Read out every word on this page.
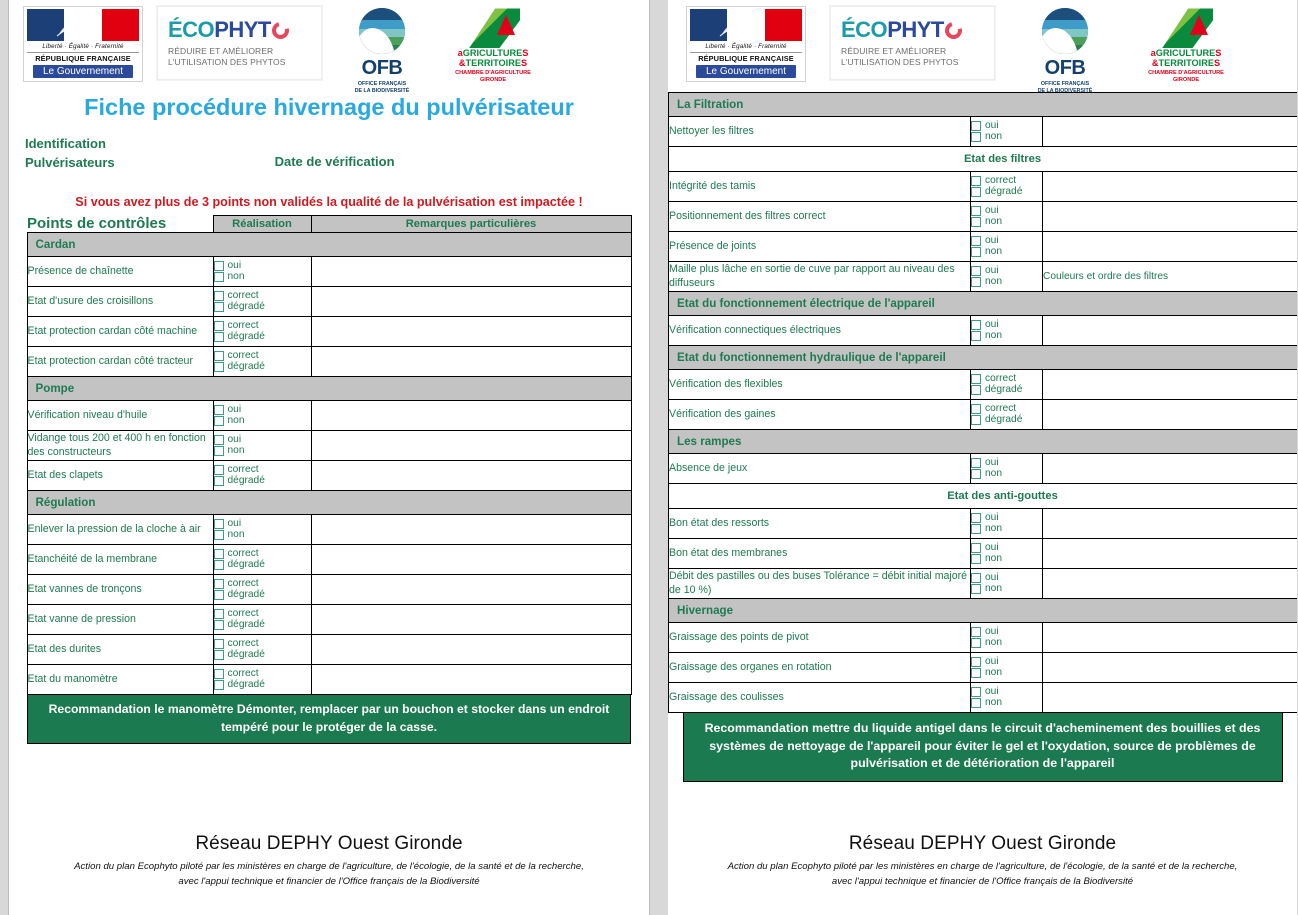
Liberté · Égalité · Fraternité
RÉPUBLIQUE FRANÇAISE
Le Gouvernement
ÉCOPHYT
RÉDUIRE ET AMÉLIORER
L'UTILISATION DES PHYTOS	OFB
OFFICE FRANÇAIS
DE LA BIODIVERSITÉ
aGRICULTURES
&TERRITOIRES
CHAMBRE D'AGRICULTURE
GIRONDE
Fiche procédure hivernage du pulvérisateur
Identification
Pulvérisateurs	Date de vérification
Si vous avez plus de 3 points non validés la qualité de la pulvérisation est impactée !
Points de contrôles	Réalisation	Remarques particulières
Cardan		
Présence de chaînette	oui
non	

Etat d'usure des croisillons	correct
dégradé	

Etat protection cardan côté machine	correct
dégradé	

Etat protection cardan côté tracteur	correct
dégradé	

Pompe		
Vérification niveau d'huile	oui
non	

Vidange tous 200 et 400 h en fonction des constructeurs	oui
non	

Etat des clapets	correct
dégradé	

Régulation		
Enlever la pression de la cloche à air	oui
non	

Etanchéité de la membrane	correct
dégradé	

Etat vannes de tronçons	correct
dégradé	

Etat vanne de pression	correct
dégradé	

Etat des durites	correct
dégradé	

Etat du manomètre	correct
dégradé	

Recommandation le manomètre Démonter, remplacer par un bouchon et stocker dans un endroit tempéré pour le protéger de la casse.
Réseau DEPHY Ouest Gironde
Action du plan Ecophyto piloté par les ministères en charge de l'agriculture, de l'écologie, de la santé et de la recherche,
avec l'appui technique et financier de l'Office français de la Biodiversité
Liberté · Égalité · Fraternité
RÉPUBLIQUE FRANÇAISE
Le Gouvernement
ÉCOPHYT
RÉDUIRE ET AMÉLIORER
L'UTILISATION DES PHYTOS	OFB
OFFICE FRANÇAIS
DE LA BIODIVERSITÉ
aGRICULTURES
&TERRITOIRES
CHAMBRE D'AGRICULTURE
GIRONDE
La Filtration		
Nettoyer les filtres	oui
non	

Etat des filtres		
Intégrité des tamis	correct
dégradé	

Positionnement des filtres correct	oui
non	

Présence de joints	oui
non	

Maille plus lâche en sortie de cuve par rapport au niveau des diffuseurs	oui
non	Couleurs et ordre des filtres
Etat du fonctionnement électrique de l'appareil		
Vérification connectiques électriques	oui
non	

Etat du fonctionnement hydraulique de l'appareil		
Vérification des flexibles	correct
dégradé	

Vérification des gaines	correct
dégradé	

Les rampes		
Absence de jeux	oui
non	

Etat des anti-gouttes		
Bon état des ressorts	oui
non	

Bon état des membranes	oui
non	

Débit des pastilles ou des buses Tolérance = débit initial majoré de 10 %)	oui
non	

Hivernage		
Graissage des points de pivot	oui
non	

Graissage des organes en rotation	oui
non	

Graissage des coulisses	oui
non	

Recommandation mettre du liquide antigel dans le circuit d'acheminement des bouillies et des systèmes de nettoyage de l'appareil pour éviter le gel et l'oxydation, source de problèmes de pulvérisation et de détérioration de l'appareil
Réseau DEPHY Ouest Gironde
Action du plan Ecophyto piloté par les ministères en charge de l'agriculture, de l'écologie, de la santé et de la recherche,
avec l'appui technique et financier de l'Office français de la Biodiversité
